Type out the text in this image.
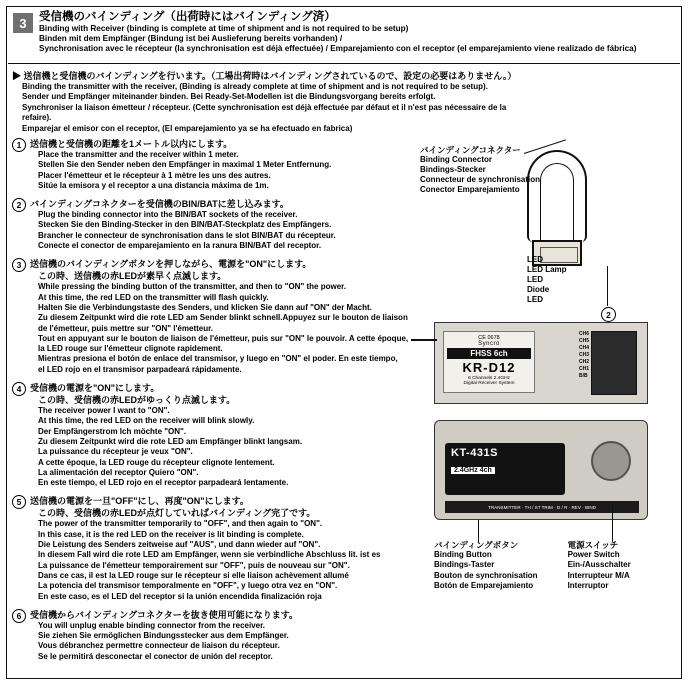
3	受信機のバインディング（出荷時にはバインディング済）
Binding with Receiver (binding is complete at time of shipment and is not required to be setup)
Binden mit dem Empfänger (Bindung ist bei Auslieferung bereits vorhanden) /
Synchronisation avec le récepteur (la synchronisation est déjà effectuée) / Emparejamiento con el receptor (el emparejamiento viene realizado de fábrica)
▶ 送信機と受信機のバインディングを行います。（工場出荷時はバインディングされているので、設定の必要はありません。）
Binding the transmitter with the receiver, (Binding is already complete at time of shipment and is not required to be setup).
Sender und Empfänger miteinander binden. Bei Ready-Set-Modellen ist die Bindungsvorgang bereits erfolgt.
Synchroniser la liaison émetteur / récepteur. (Cette synchronisation est déjà effectuée par défaut et il n'est pas nécessaire de la refaire).
Emparejar el emisor con el receptor, (El emparejamiento ya se ha efectuado en fabrica)
1 送信機と受信機の距離を1メートル以内にします。
Place the transmitter and the receiver within 1 meter.
Stellen Sie den Sender neben den Empfänger in maximal 1 Meter Entfernung.
Placer l'émetteur et le récepteur à 1 mètre les uns des autres.
Sitúe la emisora y el receptor a una distancia máxima de 1m.
2 バインディングコネクターを受信機のBIN/BATに差し込みます。
Plug the binding connector into the BIN/BAT sockets of the receiver.
Stecken Sie den Binding-Stecker in den BIN/BAT-Steckplatz des Empfängers.
Brancher le connecteur de synchronisation dans le slot BIN/BAT du récepteur.
Conecte el conector de emparejamiento en la ranura BIN/BAT del receptor.
3 送信機のバインディングボタンを押しながら、電源を"ON"にします。
この時、送信機の赤LEDが素早く点滅します。
While pressing the binding button of the transmitter, and then to "ON" the power.
At this time, the red LED on the transmitter will flash quickly.
Halten Sie die Verbindungstaste des Senders, und klicken Sie dann auf "ON" der Macht.
Zu diesem Zeitpunkt wird die rote LED am Sender blinkt schnell.Appuyez sur le bouton de liaison
de l'émetteur, puis mettre sur "ON" l'émetteur.
Tout en appuyant sur le bouton de liaison de l'émetteur, puis sur "ON" le pouvoir. A cette époque,
la LED rouge sur l'émetteur clignote rapidement.
Mientras presiona el botón de enlace del transmisor, y luego en "ON" el poder. En este tiempo,
el LED rojo en el transmisor parpadeará rápidamente.
4 受信機の電源を"ON"にします。
この時、受信機の赤LEDがゆっくり点滅します。
The receiver power I want to "ON".
At this time, the red LED on the receiver will blink slowly.
Der Empfängerstrom Ich möchte "ON".
Zu diesem Zeitpunkt wird die rote LED am Empfänger blinkt langsam.
La puissance du récepteur je veux "ON".
A cette époque, la LED rouge du récepteur clignote lentement.
La alimentación del receptor Quiero "ON".
En este tiempo, el LED rojo en el receptor parpadeará lentamente.
5 送信機の電源を一旦"OFF"にし、再度"ON"にします。
この時、受信機の赤LEDが点灯していればバインディング完了です。
The power of the transmitter temporarily to "OFF", and then again to "ON".
In this case, it is the red LED on the receiver is lit binding is complete.
Die Leistung des Senders zeitweise auf "AUS", und dann wieder auf "ON".
In diesem Fall wird die rote LED am Empfänger, wenn sie verbindliche Abschluss lit. ist es
La puissance de l'émetteur temporairement sur "OFF", puis de nouveau sur "ON".
Dans ce cas, il est la LED rouge sur le récepteur si elle liaison achèvement allumé
La potencia del transmisor temporalmente en "OFF", y luego otra vez en "ON".
En este caso, es el LED del receptor si la unión encendida finalización roja
6 受信機からバインディングコネクターを抜き使用可能になります。
You will unplug enable binding connector from the receiver.
Sie ziehen Sie ermöglichen Bindungsstecker aus dem Empfänger.
Vous débranchez permettre connecteur de liaison du récepteur.
Se le permitirá desconectar el conector de unión del receptor.
バインディングコネクター
Binding Connector
Bindings-Stecker
Connecteur de synchronisation
Conector Emparejamiento
LED
LED Lamp
LED
Diode
LED
2
CE 0678
Syncro
FHSS 6ch
KR-D12
6 Channels 2.4GHz
Digital Receiver System
CH6
CH5
CH4
CH3
CH2
CH1
B/B
KT-431S
2.4GHz 4ch
TRANSMITTER · TH / ST TRIM · D / R · REV · BIND
バインディングボタン
Binding Button
Bindings-Taster
Bouton de synchronisation
Botón de Emparejamiento
電源スイッチ
Power Switch
Ein-/Ausschalter
Interrupteur M/A
Interruptor
